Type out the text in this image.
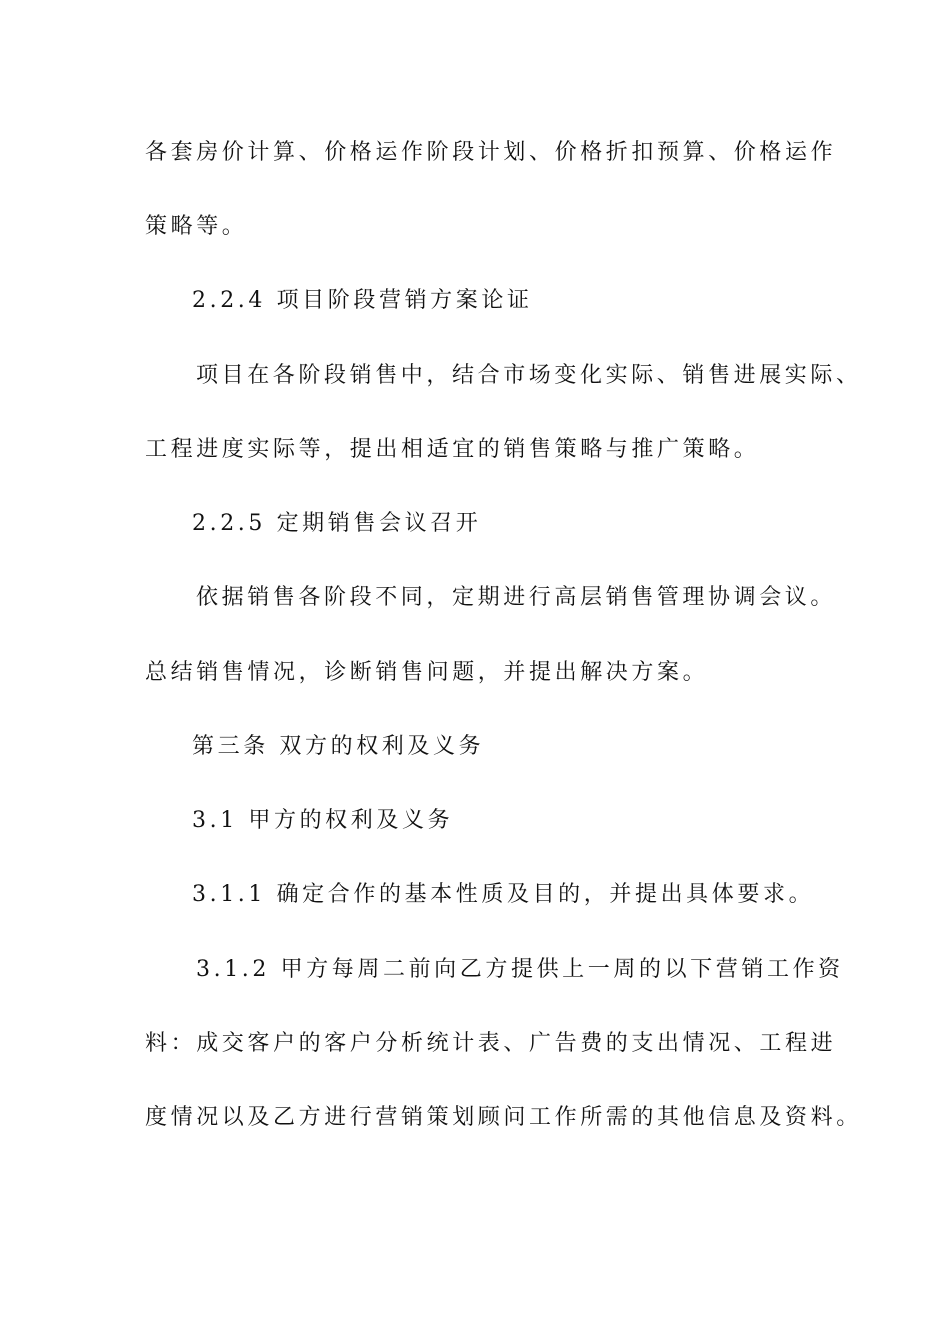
各套房价计算、价格运作阶段计划、价格折扣预算、价格运作
策略等。
2.2.4 项目阶段营销方案论证
项目在各阶段销售中，结合市场变化实际、销售进展实际、
工程进度实际等，提出相适宜的销售策略与推广策略。
2.2.5 定期销售会议召开
依据销售各阶段不同，定期进行高层销售管理协调会议。
总结销售情况，诊断销售问题，并提出解决方案。
第三条 双方的权利及义务
3.1 甲方的权利及义务
3.1.1 确定合作的基本性质及目的，并提出具体要求。
3.1.2 甲方每周二前向乙方提供上一周的以下营销工作资
料：成交客户的客户分析统计表、广告费的支出情况、工程进
度情况以及乙方进行营销策划顾问工作所需的其他信息及资料。
